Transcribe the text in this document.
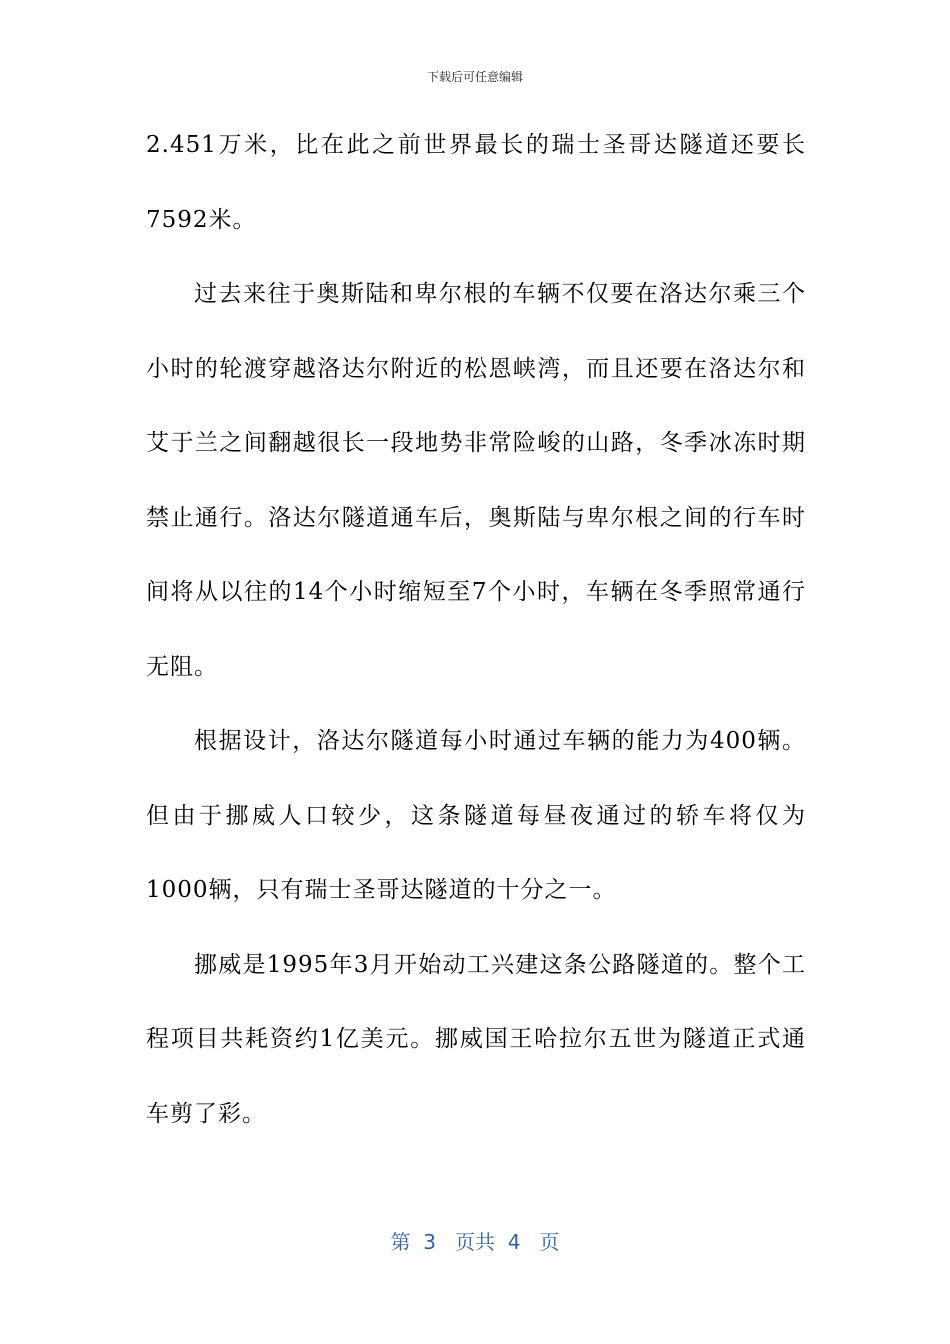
下载后可任意编辑

2.451万米，比在此之前世界最长的瑞士圣哥达隧道还要长7592米。

过去来往于奥斯陆和卑尔根的车辆不仅要在洛达尔乘三个小时的轮渡穿越洛达尔附近的松恩峡湾，而且还要在洛达尔和艾于兰之间翻越很长一段地势非常险峻的山路，冬季冰冻时期禁止通行。洛达尔隧道通车后，奥斯陆与卑尔根之间的行车时间将从以往的14个小时缩短至7个小时，车辆在冬季照常通行无阻。

根据设计，洛达尔隧道每小时通过车辆的能力为400辆。但由于挪威人口较少，这条隧道每昼夜通过的轿车将仅为1000辆，只有瑞士圣哥达隧道的十分之一。

挪威是1995年3月开始动工兴建这条公路隧道的。整个工程项目共耗资约1亿美元。挪威国王哈拉尔五世为隧道正式通车剪了彩。

第  3   页共  4   页
